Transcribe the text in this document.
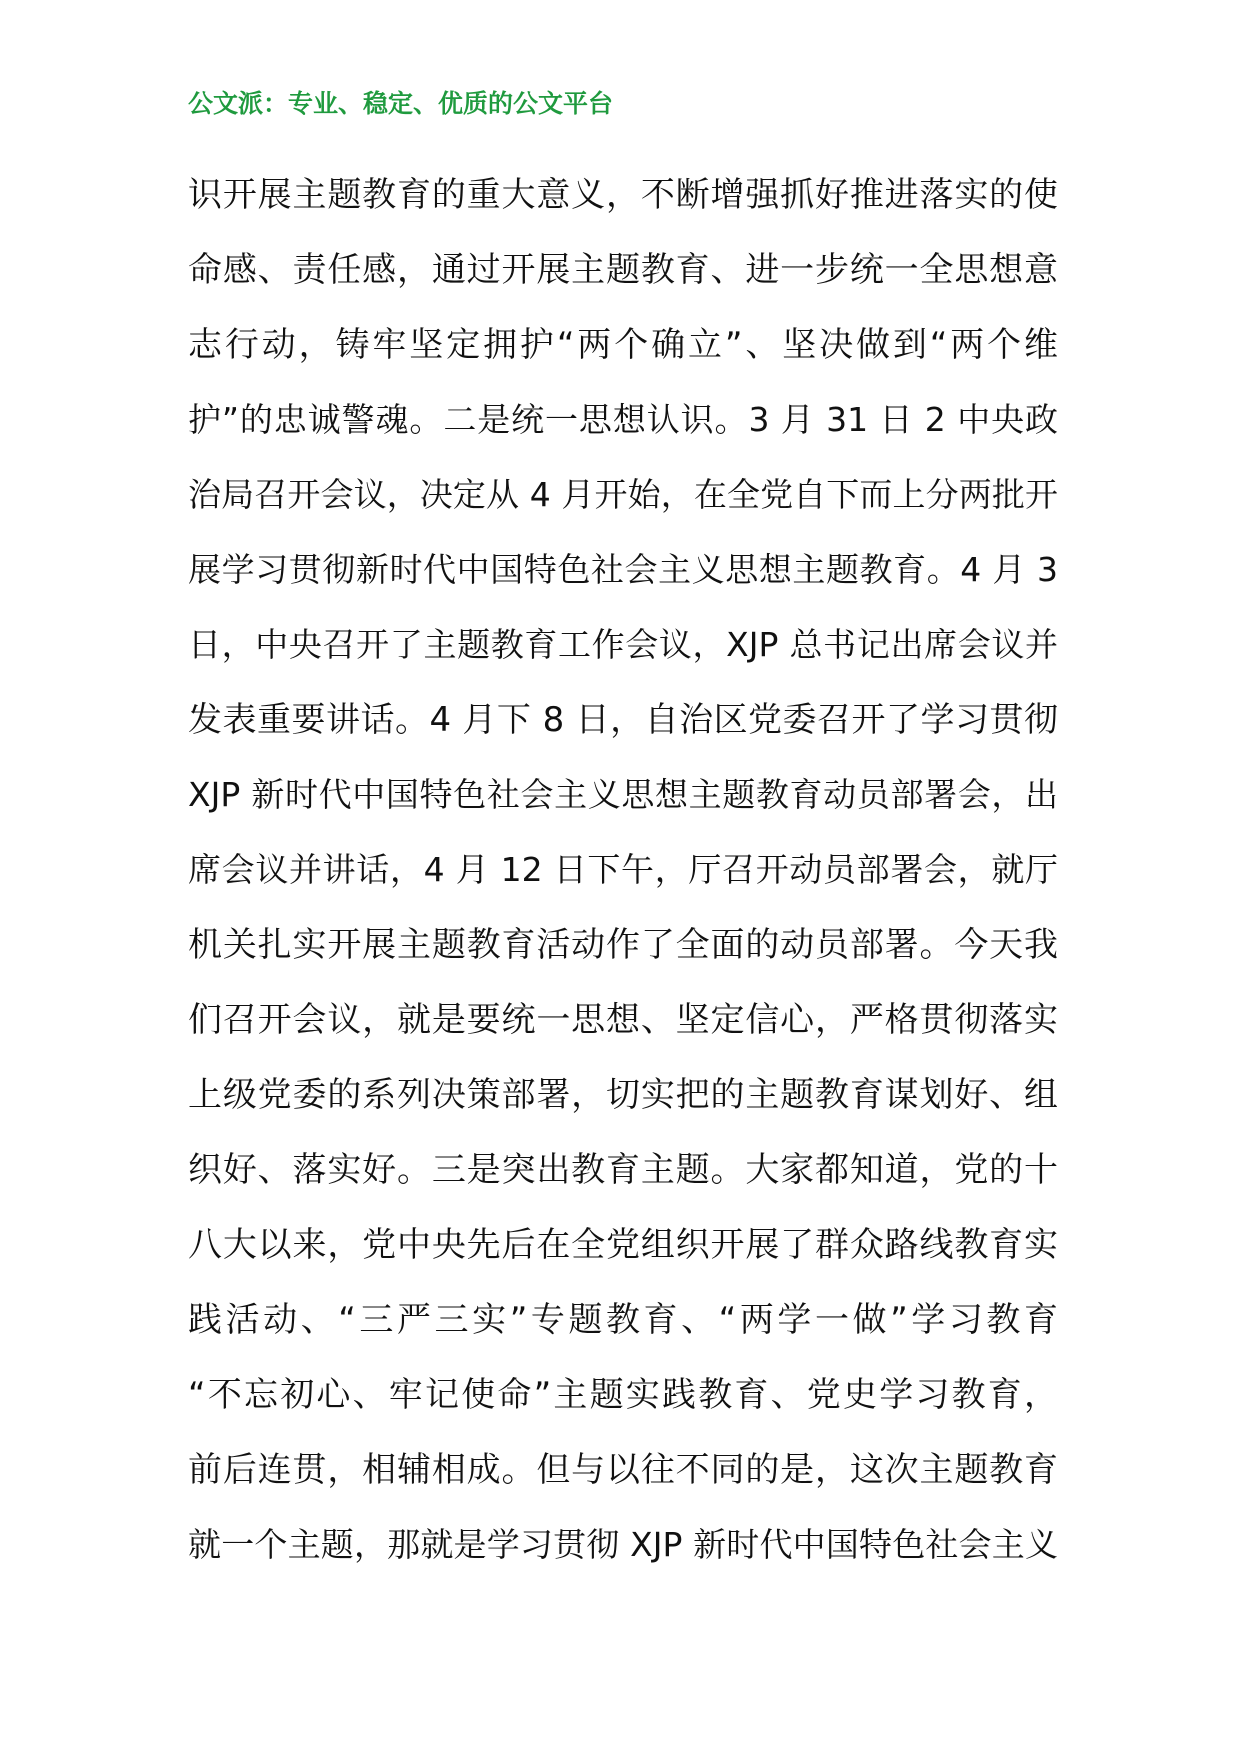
公文派：专业、稳定、优质的公文平台
识开展主题教育的重大意义，不断增强抓好推进落实的使
命感、责任感，通过开展主题教育、进一步统一全思想意
志行动，铸牢坚定拥护“两个确立”、坚决做到“两个维
护”的忠诚警魂。二是统一思想认识。3 月 31 日 2 中央政
治局召开会议，决定从 4 月开始，在全党自下而上分两批开
展学习贯彻新时代中国特色社会主义思想主题教育。4 月 3
日，中央召开了主题教育工作会议，XJP 总书记出席会议并
发表重要讲话。4 月下 8 日，自治区党委召开了学习贯彻
XJP 新时代中国特色社会主义思想主题教育动员部署会，出
席会议并讲话，4 月 12 日下午，厅召开动员部署会，就厅
机关扎实开展主题教育活动作了全面的动员部署。今天我
们召开会议，就是要统一思想、坚定信心，严格贯彻落实
上级党委的系列决策部署，切实把的主题教育谋划好、组
织好、落实好。三是突出教育主题。大家都知道，党的十
八大以来，党中央先后在全党组织开展了群众路线教育实
践活动、“三严三实”专题教育、“两学一做”学习教育
“不忘初心、牢记使命”主题实践教育、党史学习教育，
前后连贯，相辅相成。但与以往不同的是，这次主题教育
就一个主题，那就是学习贯彻 XJP 新时代中国特色社会主义
